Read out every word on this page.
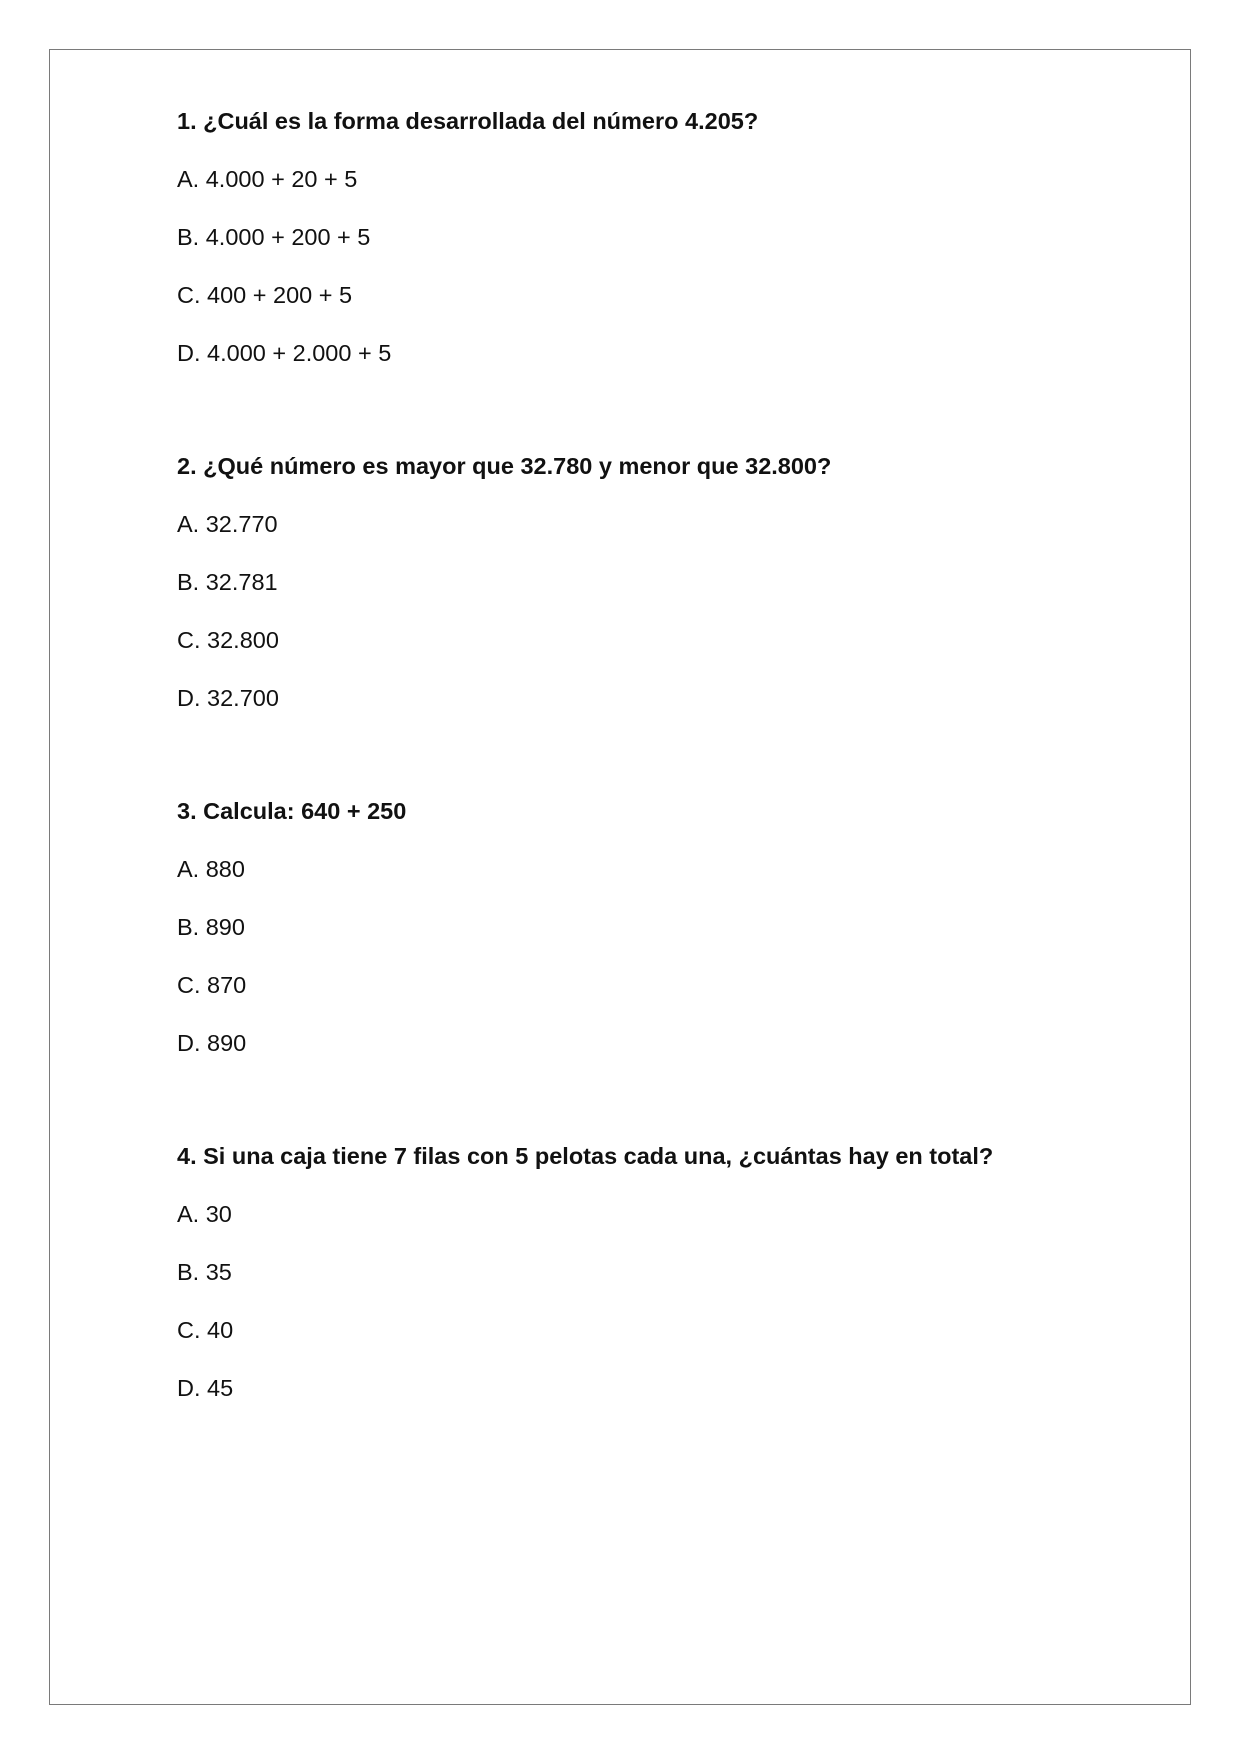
1. ¿Cuál es la forma desarrollada del número 4.205?
A. 4.000 + 20 + 5
B. 4.000 + 200 + 5
C. 400 + 200 + 5
D. 4.000 + 2.000 + 5
2. ¿Qué número es mayor que 32.780 y menor que 32.800?
A. 32.770
B. 32.781
C. 32.800
D. 32.700
3. Calcula: 640 + 250
A. 880
B. 890
C. 870
D. 890
4. Si una caja tiene 7 filas con 5 pelotas cada una, ¿cuántas hay en total?
A. 30
B. 35
C. 40
D. 45
